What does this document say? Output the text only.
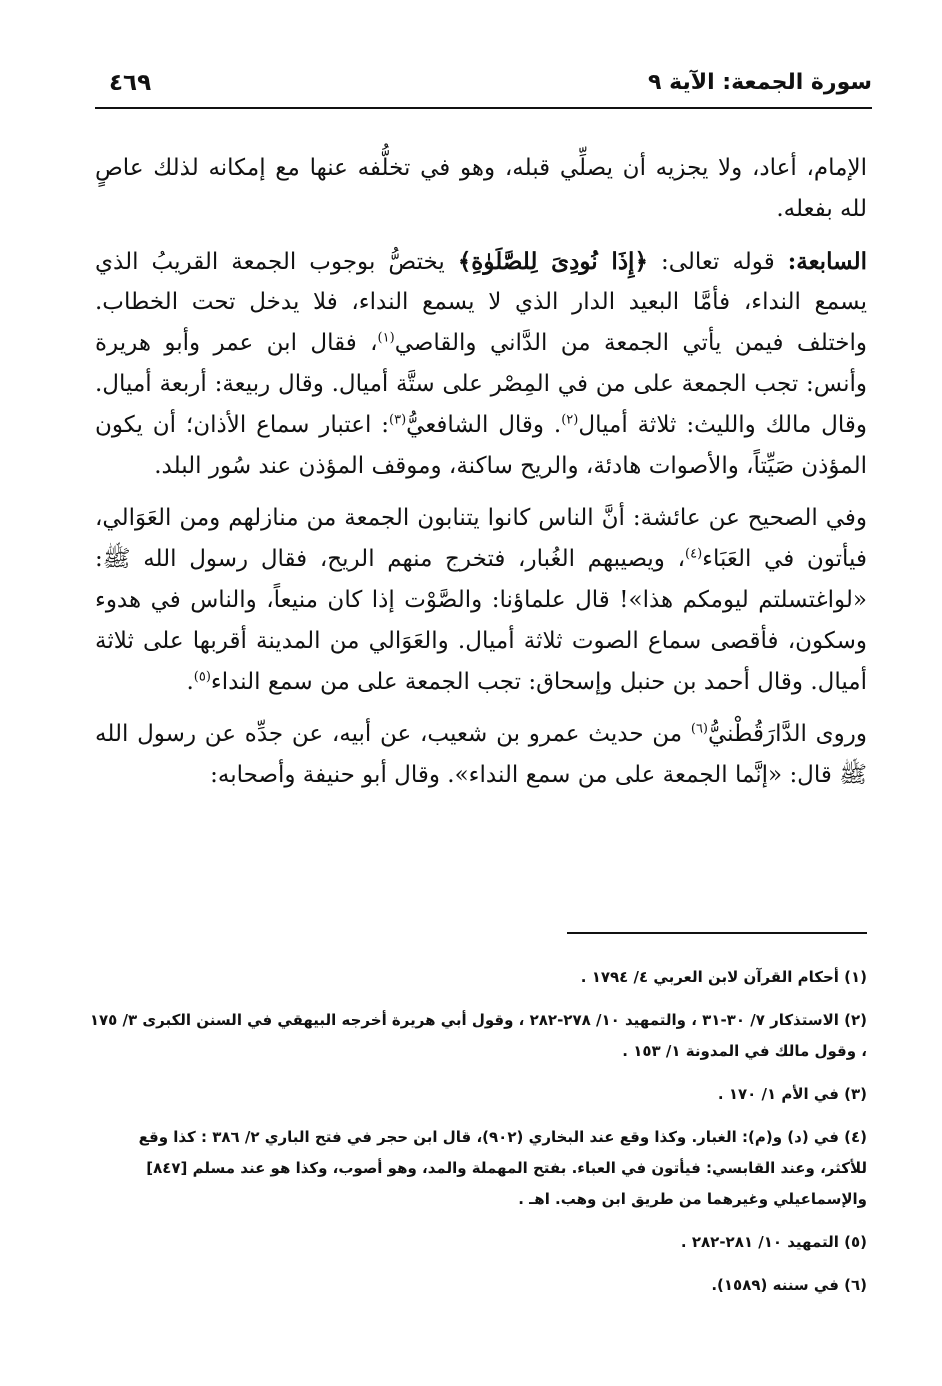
سورة الجمعة: الآية ٩
٤٦٩

الإمام، أعاد، ولا يجزيه أن يصلِّي قبله، وهو في تخلُّفه عنها مع إمكانه لذلك عاصٍ لله بفعله.

السابعة: قوله تعالى: ﴿إِذَا نُودِىَ لِلصَّلَوٰةِ﴾ يختصُّ بوجوب الجمعة القريبُ الذي يسمع النداء، فأمَّا البعيد الدار الذي لا يسمع النداء، فلا يدخل تحت الخطاب. واختلف فيمن يأتي الجمعة من الدَّاني والقاصي$^{(١)}$، فقال ابن عمر وأبو هريرة وأنس: تجب الجمعة على من في المِصْر على ستَّة أميال. وقال ربيعة: أربعة أميال. وقال مالك والليث: ثلاثة أميال$^{(٢)}$. وقال الشافعيُّ$^{(٣)}$: اعتبار سماع الأذان؛ أن يكون المؤذن صَيِّتاً، والأصوات هادئة، والريح ساكنة، وموقف المؤذن عند سُور البلد.

وفي الصحيح عن عائشة: أنَّ الناس كانوا يتنابون الجمعة من منازلهم ومن العَوَالي، فيأتون في العَبَاء$^{(٤)}$، ويصيبهم الغُبار، فتخرج منهم الريح، فقال رسول الله ﷺ: «لواغتسلتم ليومكم هذا»! قال علماؤنا: والصَّوْت إذا كان منيعاً، والناس في هدوء وسكون، فأقصى سماع الصوت ثلاثة أميال. والعَوَالي من المدينة أقربها على ثلاثة أميال. وقال أحمد بن حنبل وإسحاق: تجب الجمعة على من سمع النداء$^{(٥)}$.

وروى الدَّارَقُطْنيُّ$^{(٦)}$ من حديث عمرو بن شعيب، عن أبيه، عن جدِّه عن رسول الله ﷺ قال: «إنَّما الجمعة على من سمع النداء». وقال أبو حنيفة وأصحابه:

(١) أحكام القرآن لابن العربي ٤/ ١٧٩٤ .

(٢) الاستذكار ٧/ ٣٠-٣١ ، والتمهيد ١٠/ ٢٧٨-٢٨٢ ، وقول أبي هريرة أخرجه البيهقي في السنن الكبرى ٣/ ١٧٥ ، وقول مالك في المدونة ١/ ١٥٣ .

(٣) في الأم ١/ ١٧٠ .

(٤) في (د) و(م): الغبار. وكذا وقع عند البخاري (٩٠٢)، قال ابن حجر في فتح الباري ٢/ ٣٨٦ : كذا وقع للأكثر، وعند القابسي: فيأتون في العباء. بفتح المهملة والمد، وهو أصوب، وكذا هو عند مسلم [٨٤٧] والإسماعيلي وغيرهما من طريق ابن وهب. اهـ .

(٥) التمهيد ١٠/ ٢٨١-٢٨٢ .

(٦) في سننه (١٥٨٩).
